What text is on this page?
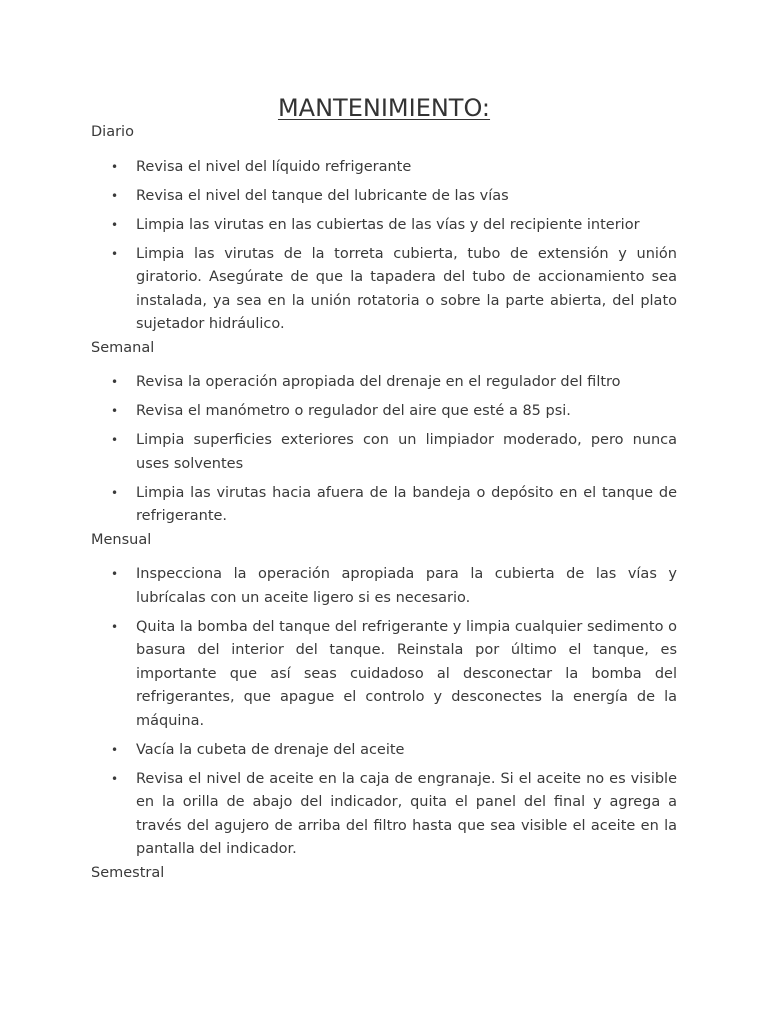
MANTENIMIENTO:

Diario

• Revisa el nivel del líquido refrigerante
• Revisa el nivel del tanque del lubricante de las vías
• Limpia las virutas en las cubiertas de las vías y del recipiente interior
• Limpia las virutas de la torreta cubierta, tubo de extensión y unión giratorio. Asegúrate de que la tapadera del tubo de accionamiento sea instalada, ya sea en la unión rotatoria o sobre la parte abierta, del plato sujetador hidráulico.

Semanal

• Revisa la operación apropiada del drenaje en el regulador del filtro
• Revisa el manómetro o regulador del aire que esté a 85 psi.
• Limpia superficies exteriores con un limpiador moderado, pero nunca uses solventes
• Limpia las virutas hacia afuera de la bandeja o depósito en el tanque de refrigerante.

Mensual

• Inspecciona la operación apropiada para la cubierta de las vías y lubrícalas con un aceite ligero si es necesario.
• Quita la bomba del tanque del refrigerante y limpia cualquier sedimento o basura del interior del tanque. Reinstala por último el tanque, es importante que así seas cuidadoso al desconectar la bomba del refrigerantes, que apague el controlo y desconectes la energía de la máquina.
• Vacía la cubeta de drenaje del aceite
• Revisa el nivel de aceite en la caja de engranaje. Si el aceite no es visible en la orilla de abajo del indicador, quita el panel del final y agrega a través del agujero de arriba del filtro hasta que sea visible el aceite en la pantalla del indicador.

Semestral
